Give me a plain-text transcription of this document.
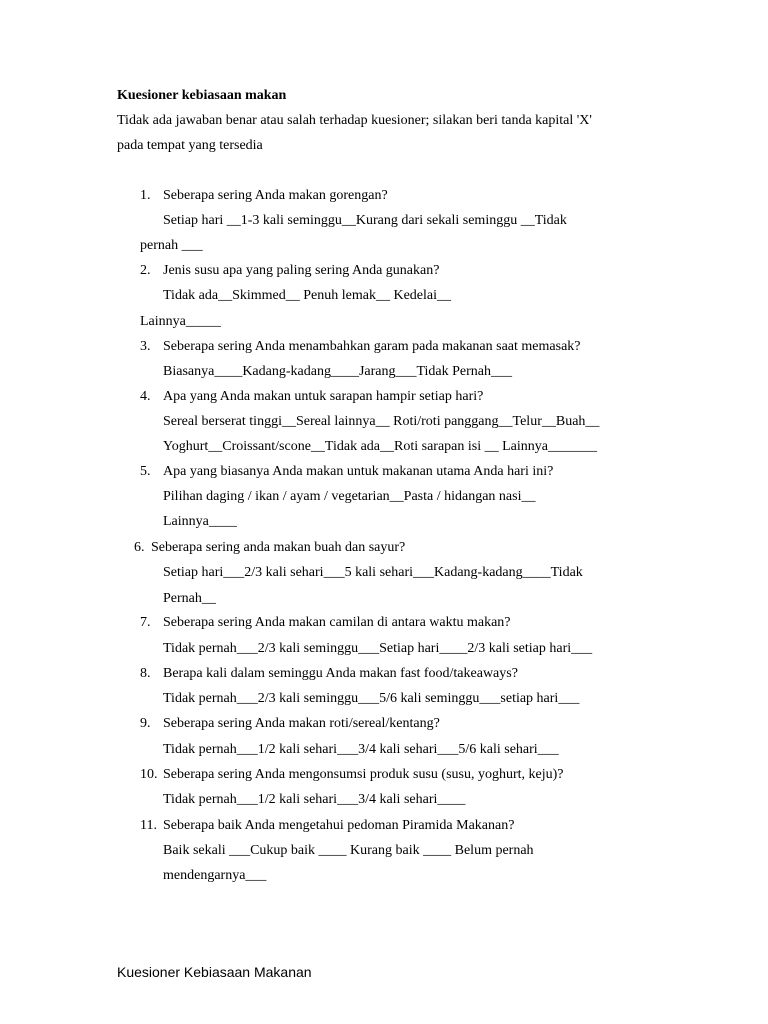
Kuesioner kebiasaan makan
Tidak ada jawaban benar atau salah terhadap kuesioner; silakan beri tanda kapital 'X'
pada tempat yang tersedia
1. Seberapa sering Anda makan gorengan?
Setiap hari __1-3 kali seminggu__Kurang dari sekali seminggu __Tidak
pernah ___
2. Jenis susu apa yang paling sering Anda gunakan?
Tidak ada__Skimmed__ Penuh lemak__ Kedelai__
Lainnya_____
3. Seberapa sering Anda menambahkan garam pada makanan saat memasak?
Biasanya____Kadang-kadang____Jarang___Tidak Pernah___
4. Apa yang Anda makan untuk sarapan hampir setiap hari?
Sereal berserat tinggi__Sereal lainnya__ Roti/roti panggang__Telur__Buah__
Yoghurt__Croissant/scone__Tidak ada__Roti sarapan isi __ Lainnya_______
5. Apa yang biasanya Anda makan untuk makanan utama Anda hari ini?
Pilihan daging / ikan / ayam / vegetarian__Pasta / hidangan nasi__
Lainnya____
6. Seberapa sering anda makan buah dan sayur?
Setiap hari___2/3 kali sehari___5 kali sehari___Kadang-kadang____Tidak
Pernah__
7. Seberapa sering Anda makan camilan di antara waktu makan?
Tidak pernah___2/3 kali seminggu___Setiap hari____2/3 kali setiap hari___
8. Berapa kali dalam seminggu Anda makan fast food/takeaways?
Tidak pernah___2/3 kali seminggu___5/6 kali seminggu___setiap hari___
9. Seberapa sering Anda makan roti/sereal/kentang?
Tidak pernah___1/2 kali sehari___3/4 kali sehari___5/6 kali sehari___
10. Seberapa sering Anda mengonsumsi produk susu (susu, yoghurt, keju)?
Tidak pernah___1/2 kali sehari___3/4 kali sehari____
11. Seberapa baik Anda mengetahui pedoman Piramida Makanan?
Baik sekali ___Cukup baik ____ Kurang baik ____ Belum pernah
mendengarnya___
Kuesioner Kebiasaan Makanan
